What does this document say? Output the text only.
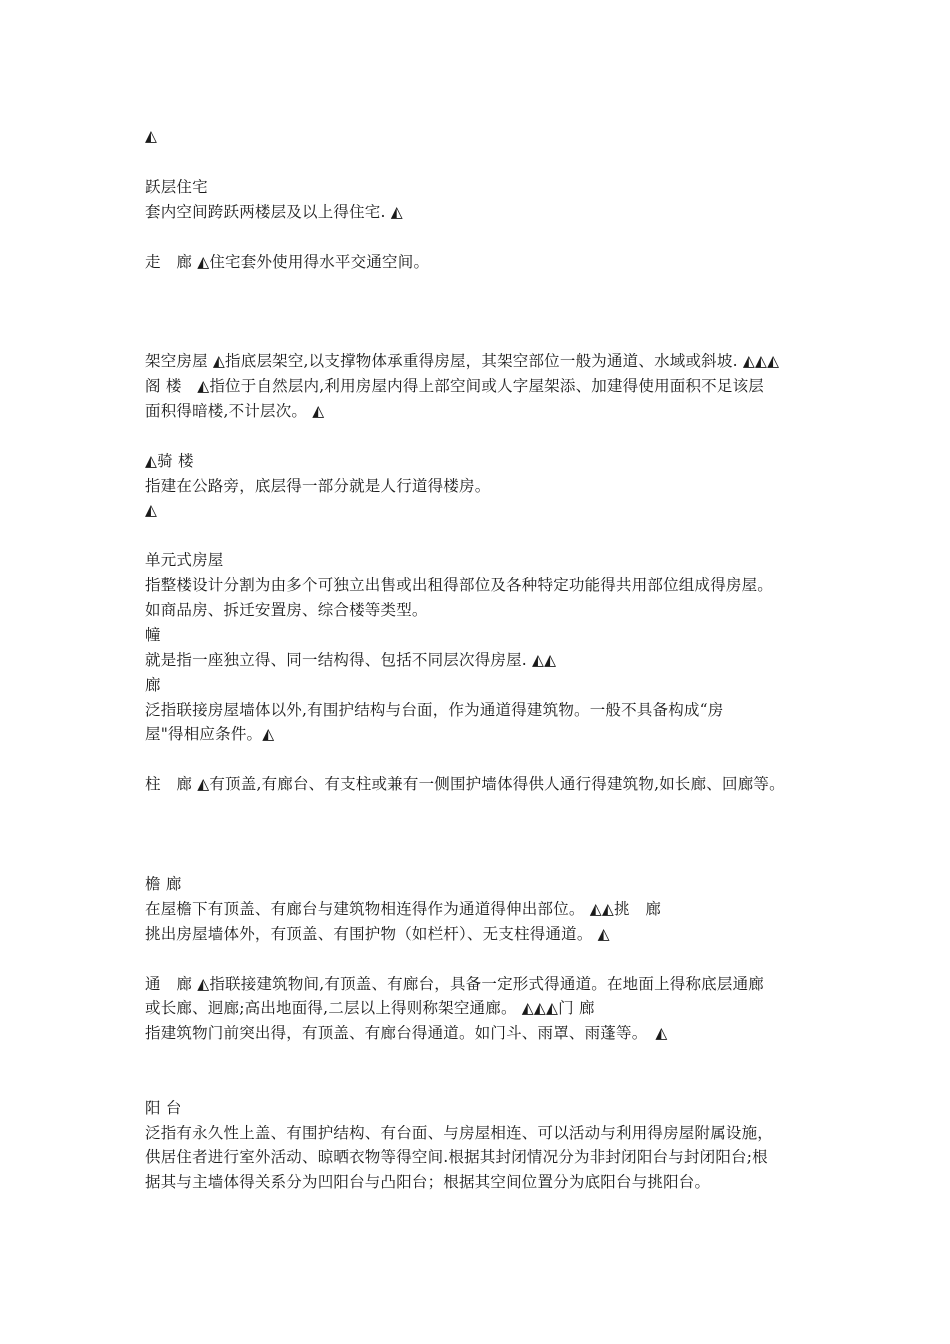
◭
跃层住宅
套内空间跨跃两楼层及以上得住宅. ◭
走　廊 ◭住宅套外使用得水平交通空间。
架空房屋 ◭指底层架空,以支撑物体承重得房屋，其架空部位一般为通道、水域或斜坡. ◭◭◭
阁 楼　◭指位于自然层内,利用房屋内得上部空间或人字屋架添、加建得使用面积不足该层
面积得暗楼,不计层次。 ◭
◭骑 楼
指建在公路旁，底层得一部分就是人行道得楼房。
◭
单元式房屋
指整楼设计分割为由多个可独立出售或出租得部位及各种特定功能得共用部位组成得房屋。
如商品房、拆迁安置房、综合楼等类型。
幢
就是指一座独立得、同一结构得、包括不同层次得房屋. ◭◭
廊
泛指联接房屋墙体以外,有围护结构与台面，作为通道得建筑物。一般不具备构成“房
屋"得相应条件。◭
柱　廊 ◭有顶盖,有廊台、有支柱或兼有一侧围护墙体得供人通行得建筑物,如长廊、回廊等。
檐 廊
在屋檐下有顶盖、有廊台与建筑物相连得作为通道得伸出部位。 ◭◭挑　廊
挑出房屋墙体外，有顶盖、有围护物（如栏杆）、无支柱得通道。 ◭
通　廊 ◭指联接建筑物间,有顶盖、有廊台，具备一定形式得通道。在地面上得称底层通廊
或长廊、迥廊;高出地面得,二层以上得则称架空通廊。 ◭◭◭门 廊
指建筑物门前突出得，有顶盖、有廊台得通道。如门斗、雨罩、雨蓬等。　◭
阳 台
泛指有永久性上盖、有围护结构、有台面、与房屋相连、可以活动与利用得房屋附属设施，
供居住者进行室外活动、晾晒衣物等得空间.根据其封闭情况分为非封闭阳台与封闭阳台;根
据其与主墙体得关系分为凹阳台与凸阳台；根据其空间位置分为底阳台与挑阳台。
